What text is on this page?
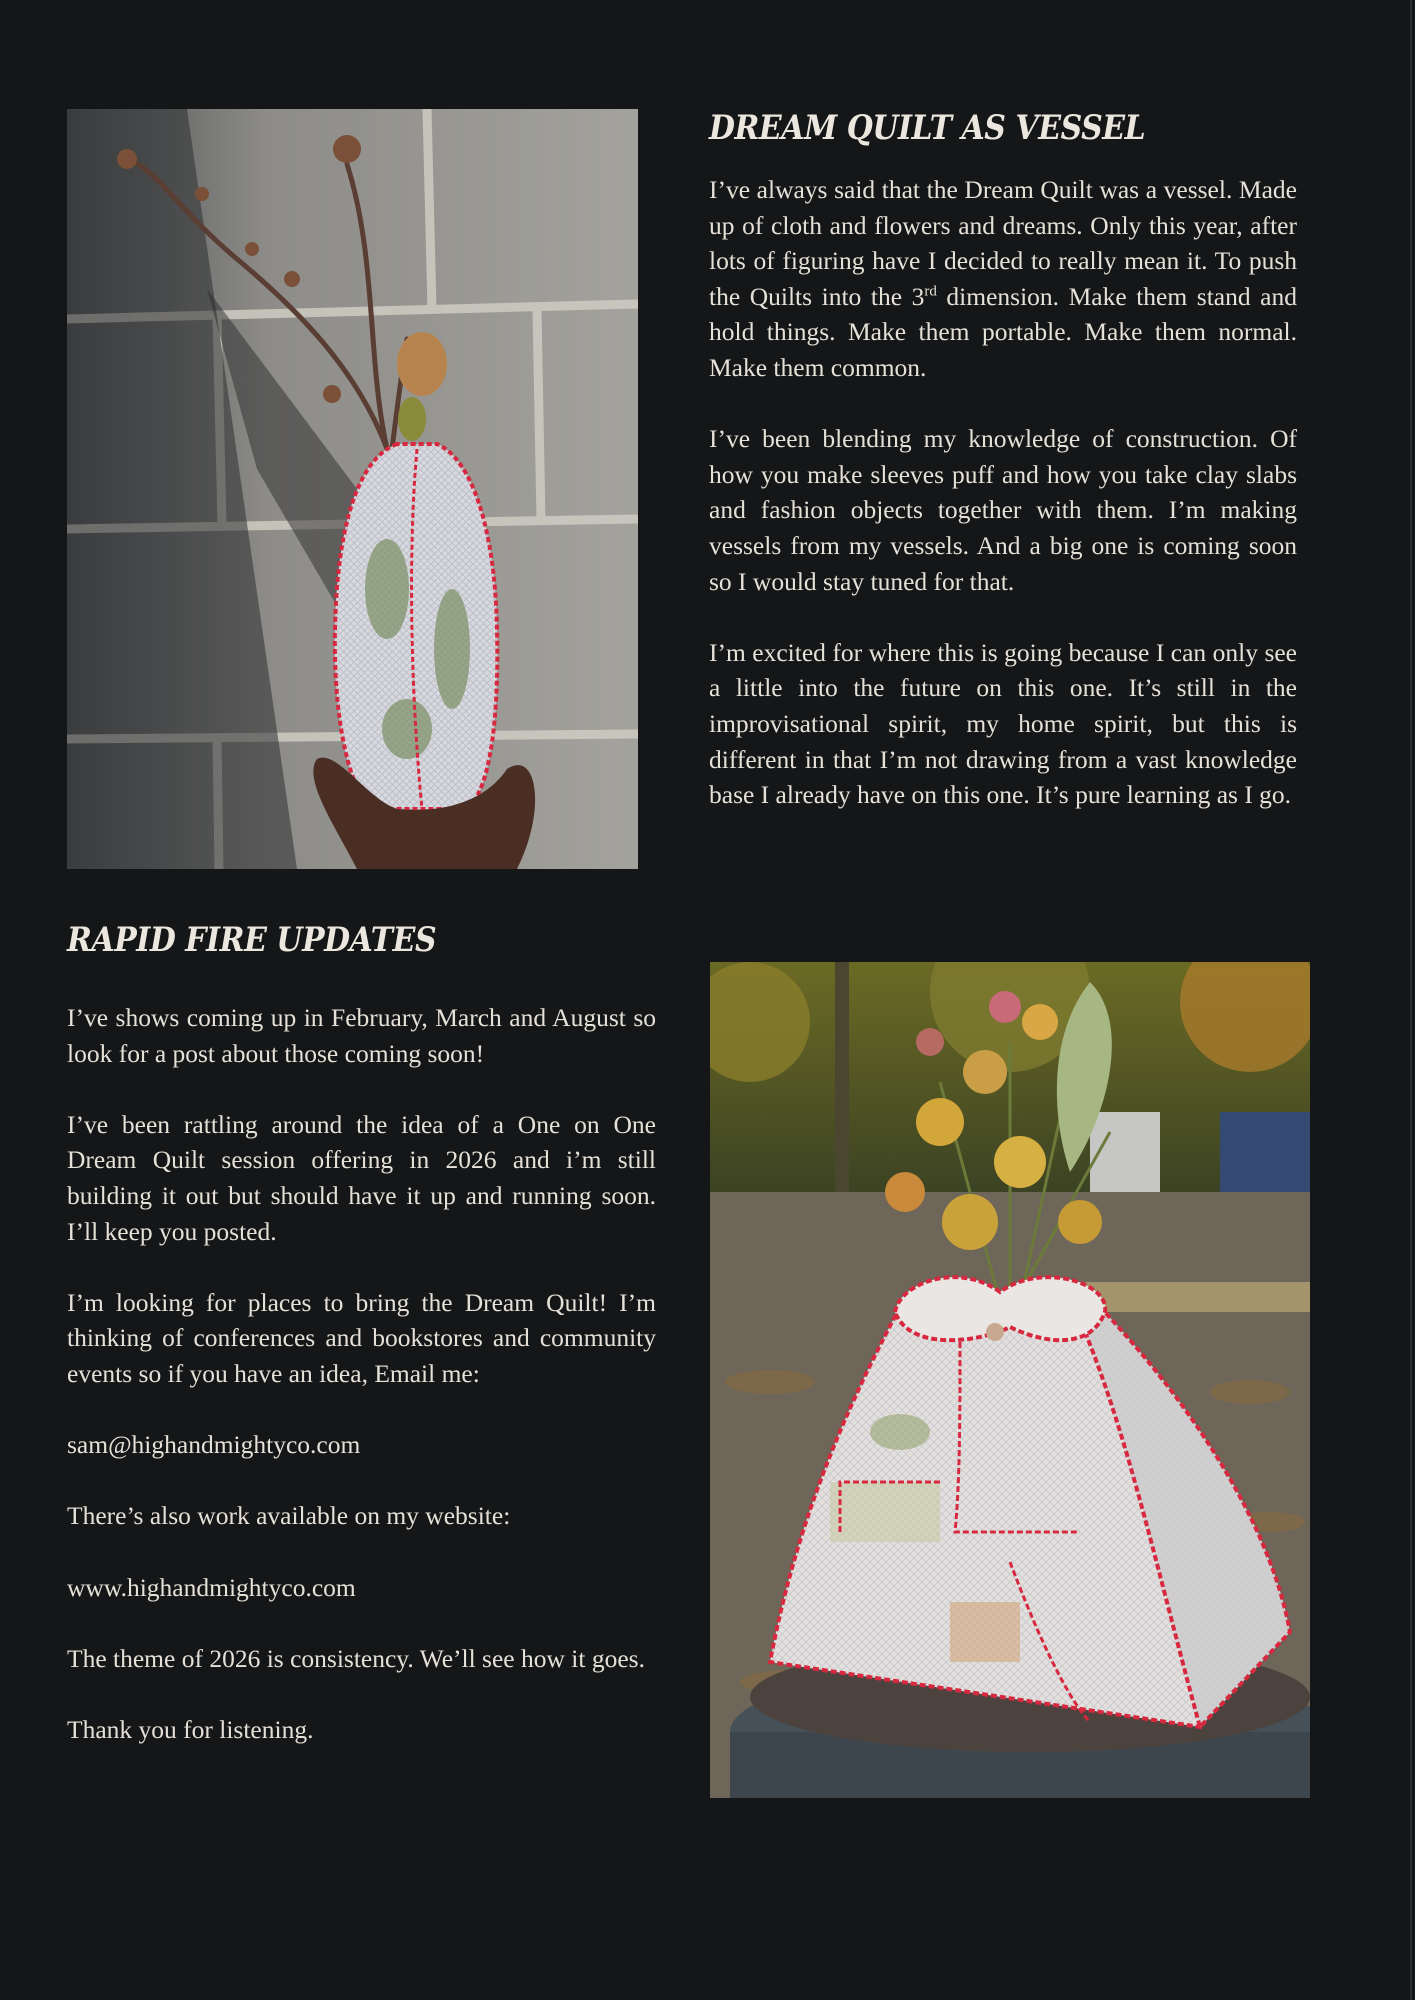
DREAM QUILT AS VESSEL

I’ve always said that the Dream Quilt was a vessel. Made up of cloth and flowers and dreams. Only this year, after lots of figuring have I decided to really mean it. To push the Quilts into the 3rd dimension. Make them stand and hold things. Make them portable. Make them normal. Make them common.

I’ve been blending my knowledge of construction. Of how you make sleeves puff and how you take clay slabs and fashion objects together with them. I’m making vessels from my vessels. And a big one is coming soon so I would stay tuned for that.

I’m excited for where this is going because I can only see a little into the future on this one. It’s still in the improvisational spirit, my home spirit, but this is different in that I’m not drawing from a vast knowledge base I already have on this one. It’s pure learning as I go.

RAPID FIRE UPDATES

I’ve shows coming up in February, March and August so look for a post about those coming soon!

I’ve been rattling around the idea of a One on One Dream Quilt session offering in 2026 and i’m still building it out but should have it up and running soon. I’ll keep you posted.

I’m looking for places to bring the Dream Quilt! I’m thinking of conferences and bookstores and community events so if you have an idea, Email me:

sam@highandmightyco.com

There’s also work available on my website:

www.highandmightyco.com

The theme of 2026 is consistency. We’ll see how it goes.

Thank you for listening.
